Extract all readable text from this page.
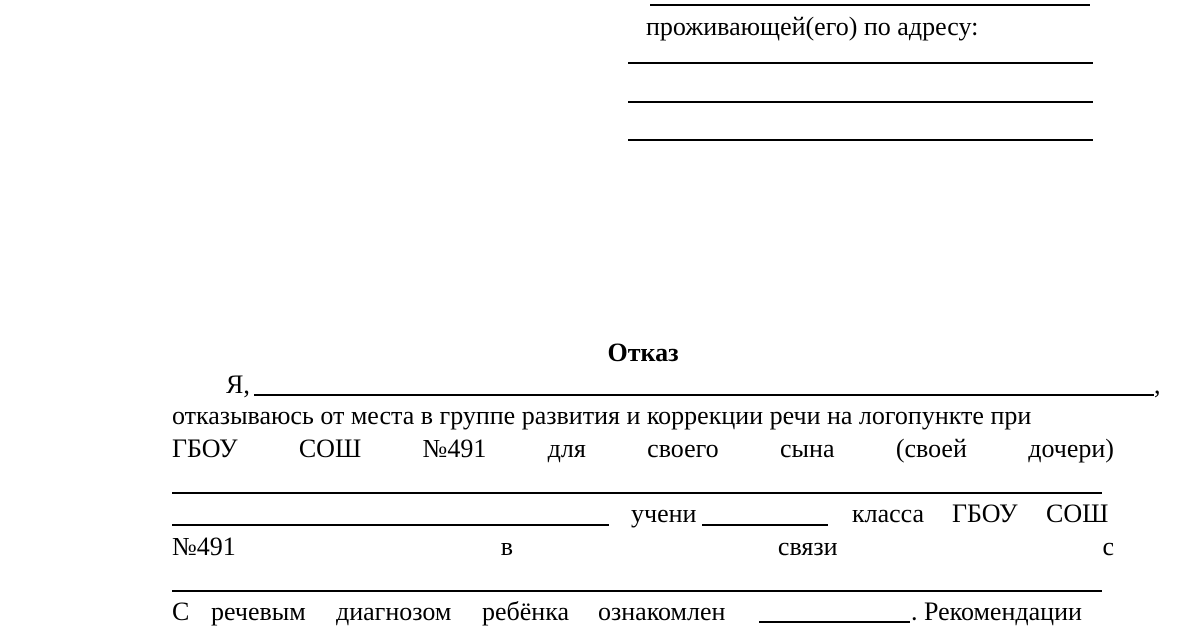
проживающей(его) по адресу:
Отказ
Я,	,
отказываюсь от места в группе развития и коррекции речи на логопункте при
ГБОУ СОШ №491 для своего сына (своей дочери)
учени	класса ГБОУ СОШ
№491	в	связи	с
С речевым диагнозом ребёнка ознакомлен	. Рекомендации
